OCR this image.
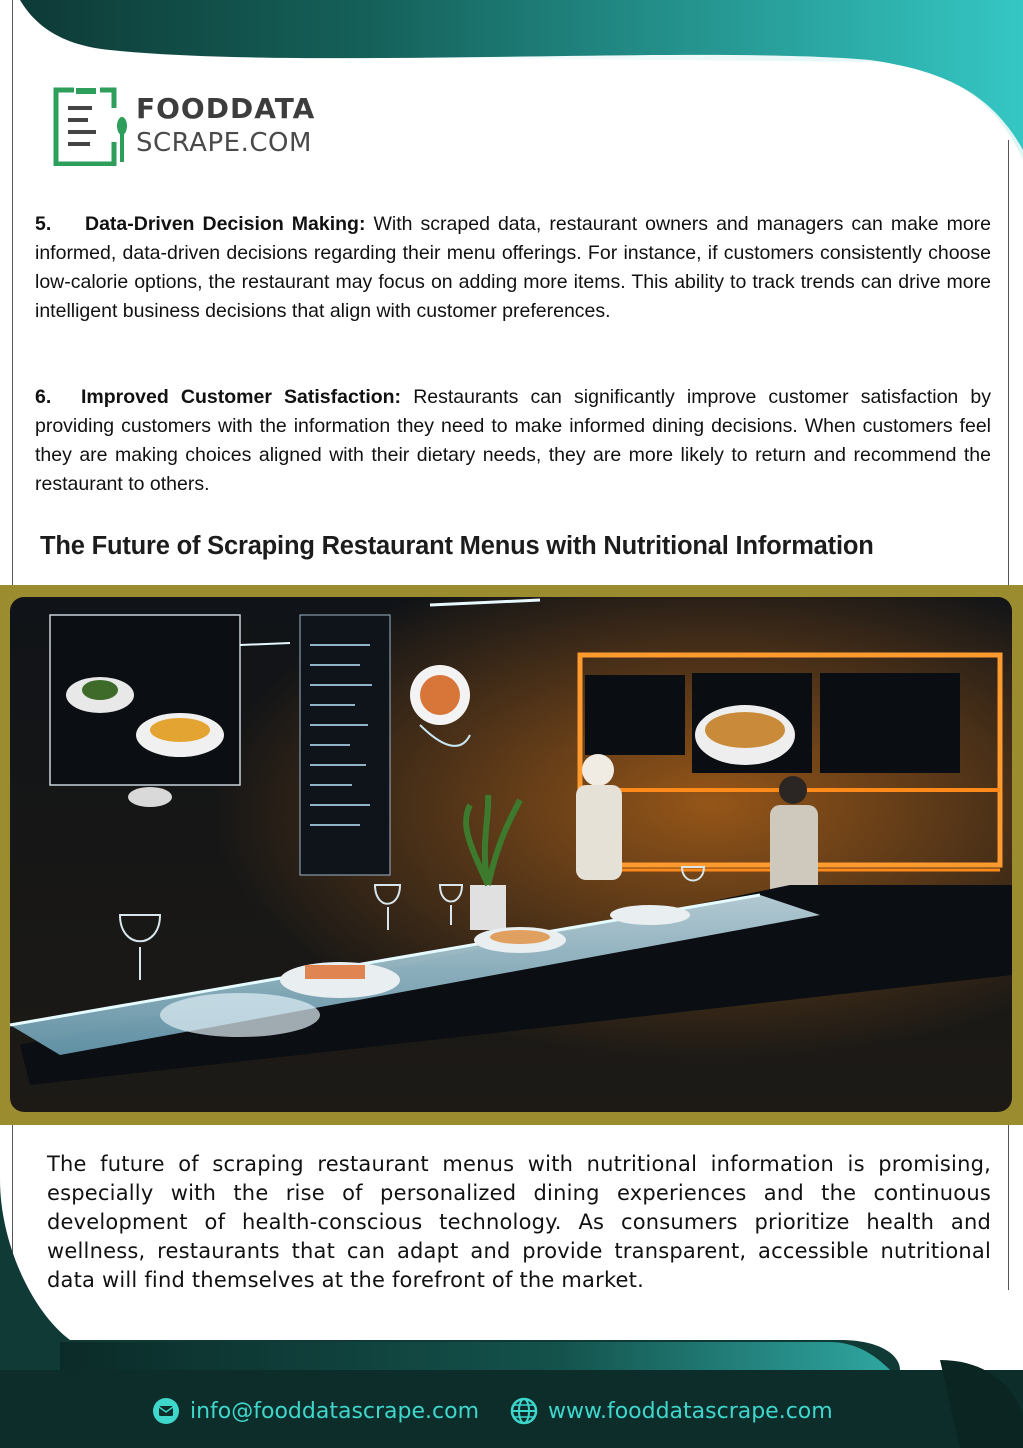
FOODDATA
SCRAPE.COM

5. Data-Driven Decision Making: With scraped data, restaurant owners and managers can make more informed, data-driven decisions regarding their menu offerings. For instance, if customers consistently choose low-calorie options, the restaurant may focus on adding more items. This ability to track trends can drive more intelligent business decisions that align with customer preferences.

6. Improved Customer Satisfaction: Restaurants can significantly improve customer satisfaction by providing customers with the information they need to make informed dining decisions. When customers feel they are making choices aligned with their dietary needs, they are more likely to return and recommend the restaurant to others.

The Future of Scraping Restaurant Menus with Nutritional Information

The future of scraping restaurant menus with nutritional information is promising, especially with the rise of personalized dining experiences and the continuous development of health-conscious technology. As consumers prioritize health and wellness, restaurants that can adapt and provide transparent, accessible nutritional data will find themselves at the forefront of the market.

info@fooddatascrape.com	www.fooddatascrape.com
